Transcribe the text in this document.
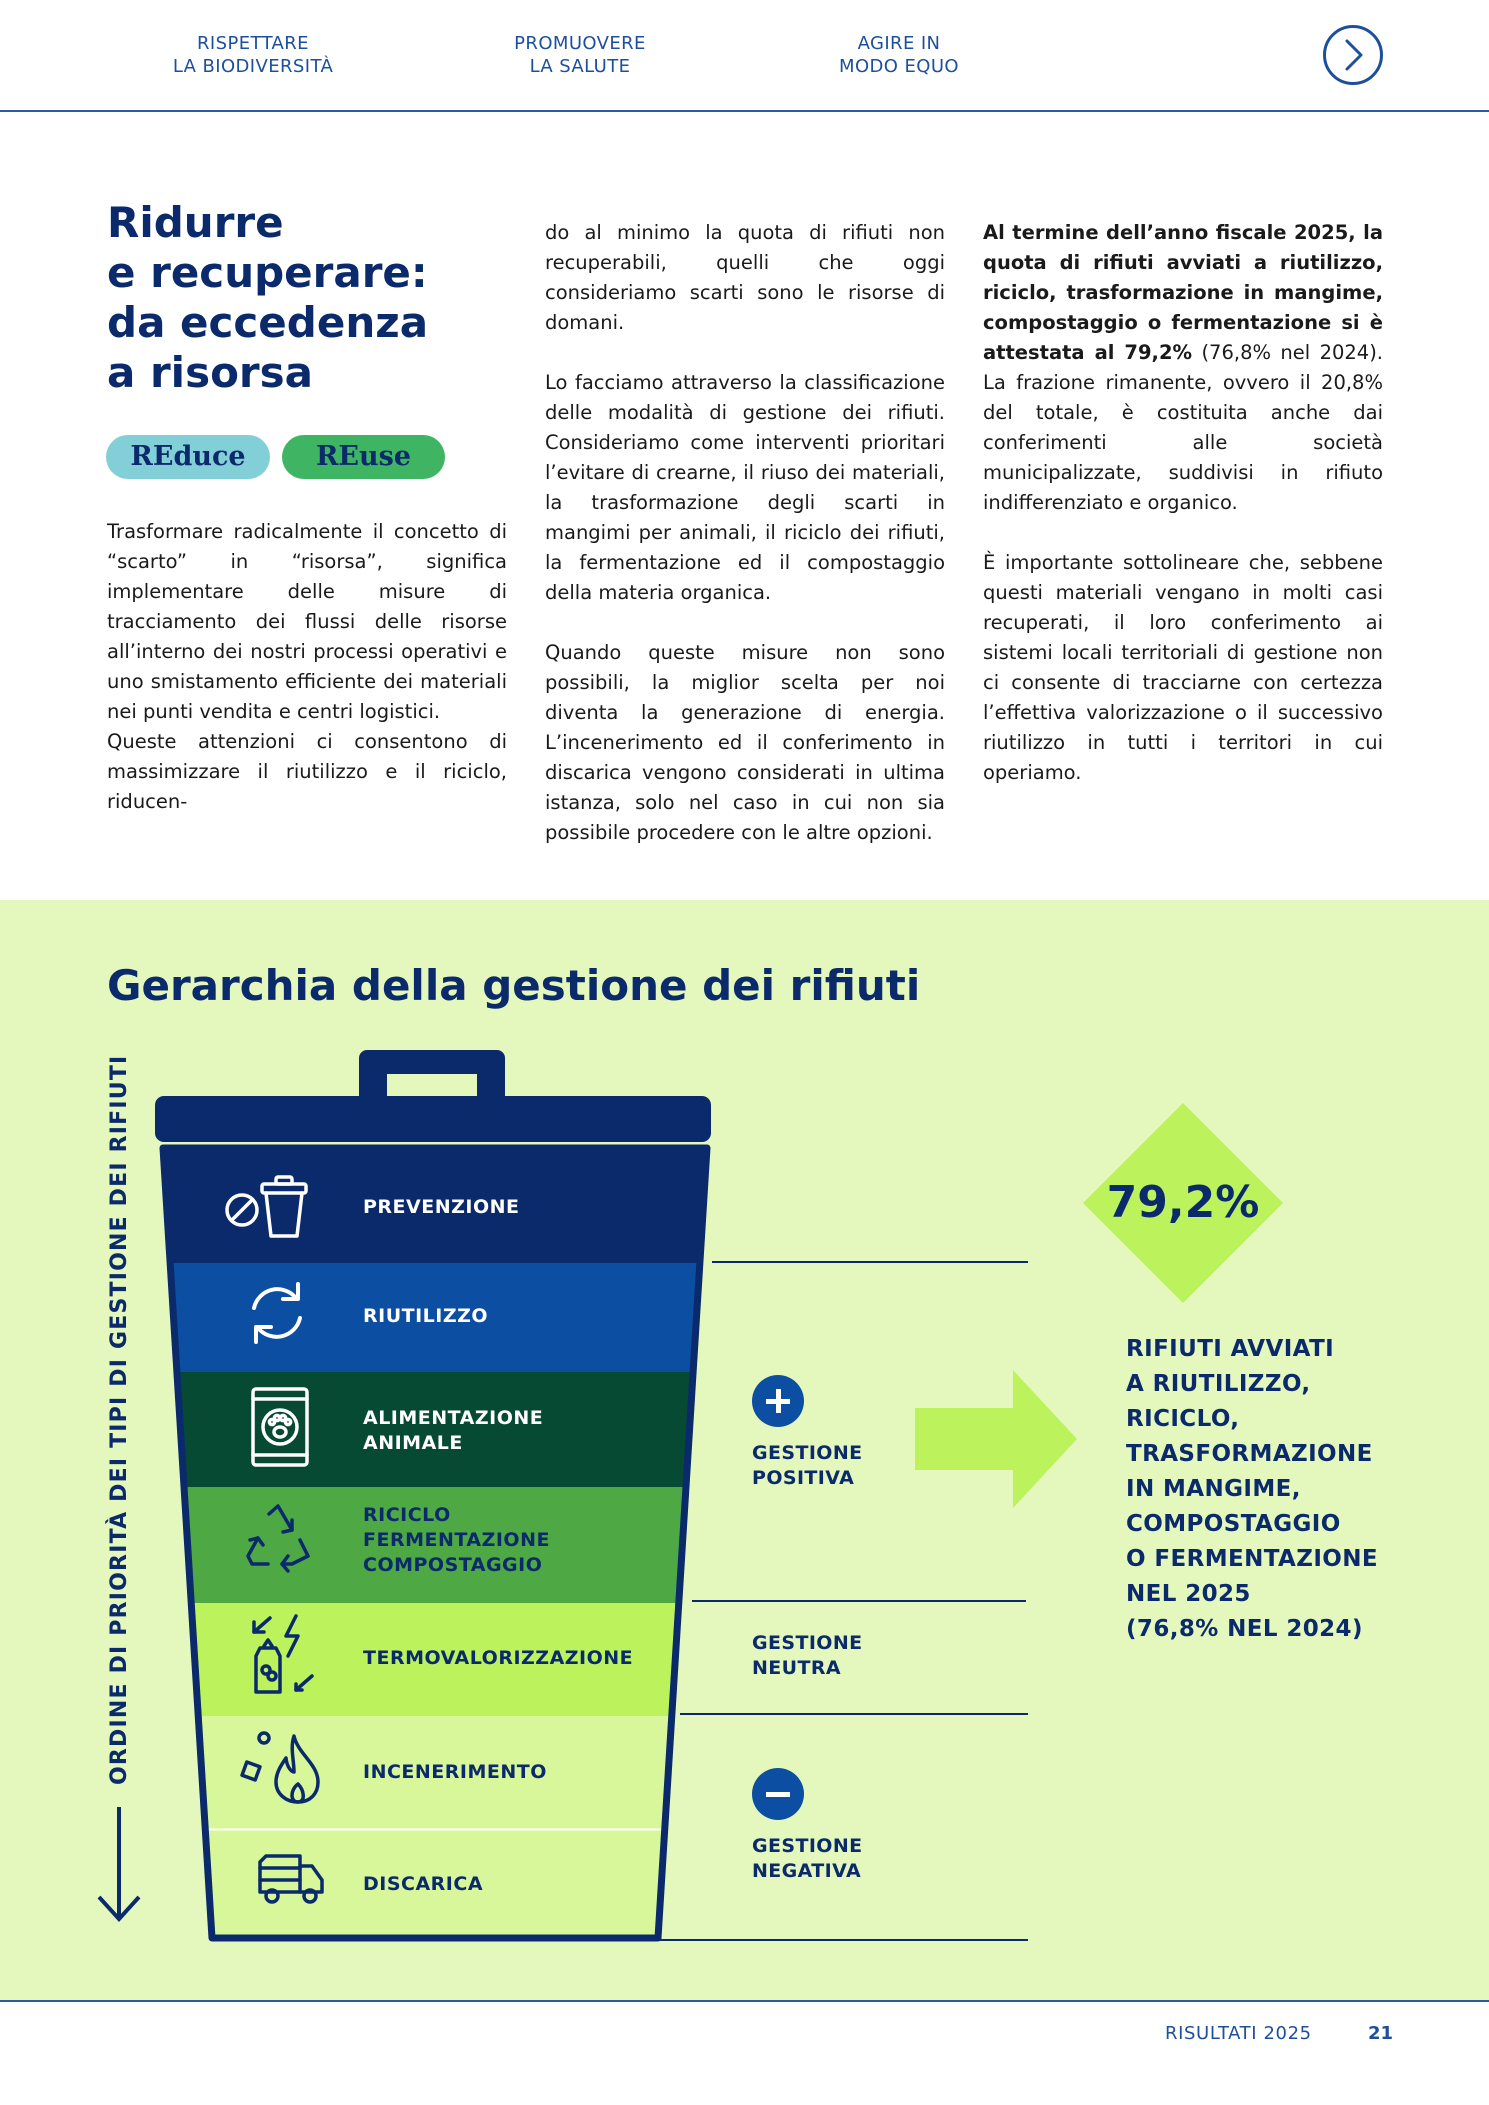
RISPETTARE
LA BIODIVERSITÀ
PROMUOVERE
LA SALUTE
AGIRE IN
MODO EQUO
Ridurre
e recuperare:
da eccedenza
a risorsa
REduce	REuse

Trasformare radicalmente il concetto di “scarto” in “risorsa”, significa implementare delle misure di tracciamento dei flussi delle risorse all’interno dei nostri processi operativi e uno smistamento efficiente dei materiali nei punti vendita e centri logistici.

Queste attenzioni ci consentono di massimizzare il riutilizzo e il riciclo, riducen-

do al minimo la quota di rifiuti non recuperabili, quelli che oggi consideriamo scarti sono le risorse di domani.

Lo facciamo attraverso la classificazione delle modalità di gestione dei rifiuti. Consideriamo come interventi prioritari l’evitare di crearne, il riuso dei materiali, la trasformazione degli scarti in mangimi per animali, il riciclo dei rifiuti, la fermentazione ed il compostaggio della materia organica.

Quando queste misure non sono possibili, la miglior scelta per noi diventa la generazione di energia. L’incenerimento ed il conferimento in discarica vengono considerati in ultima istanza, solo nel caso in cui non sia possibile procedere con le altre opzioni.

Al termine dell’anno fiscale 2025, la quota di rifiuti avviati a riutilizzo, riciclo, trasformazione in mangime, compostaggio o fermentazione si è attestata al 79,2% (76,8% nel 2024). La frazione rimanente, ovvero il 20,8% del totale, è costituita anche dai conferimenti alle società municipalizzate, suddivisi in rifiuto indifferenziato e organico.

È importante sottolineare che, sebbene questi materiali vengano in molti casi recuperati, il loro conferimento ai sistemi locali territoriali di gestione non ci consente di tracciarne con certezza l’effettiva valorizzazione o il successivo riutilizzo in tutti i territori in cui operiamo.

Gerarchia della gestione dei rifiuti
ORDINE DI PRIORITÀ DEI TIPI DI GESTIONE DEI RIFIUTI	PREVENZIONE
RIUTILIZZO
ALIMENTAZIONE
ANIMALE
RICICLO
FERMENTAZIONE
COMPOSTAGGIO
TERMOVALORIZZAZIONE
INCENERIMENTO
DISCARICA
GESTIONE
POSITIVA
GESTIONE
NEUTRA
GESTIONE
NEGATIVA
79,2%
RIFIUTI AVVIATI
A RIUTILIZZO,
RICICLO,
TRASFORMAZIONE
IN MANGIME,
COMPOSTAGGIO
O FERMENTAZIONE
NEL 2025
(76,8% NEL 2024)
RISULTATI 2025	21
